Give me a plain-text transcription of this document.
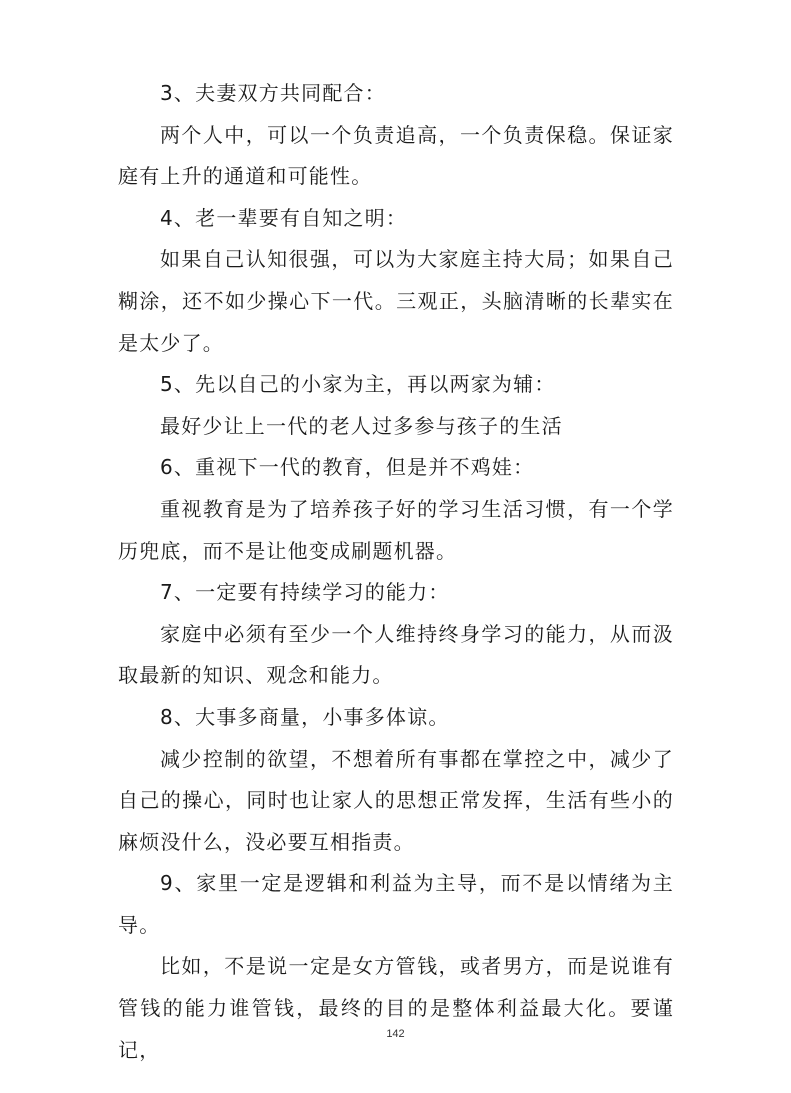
3、夫妻双方共同配合：

两个人中，可以一个负责追高，一个负责保稳。保证家庭有上升的通道和可能性。

4、老一辈要有自知之明：

如果自己认知很强，可以为大家庭主持大局；如果自己糊涂，还不如少操心下一代。三观正，头脑清晰的长辈实在是太少了。

5、先以自己的小家为主，再以两家为辅：

最好少让上一代的老人过多参与孩子的生活

6、重视下一代的教育，但是并不鸡娃：

重视教育是为了培养孩子好的学习生活习惯，有一个学历兜底，而不是让他变成刷题机器。

7、一定要有持续学习的能力：

家庭中必须有至少一个人维持终身学习的能力，从而汲取最新的知识、观念和能力。

8、大事多商量，小事多体谅。

减少控制的欲望，不想着所有事都在掌控之中，减少了自己的操心，同时也让家人的思想正常发挥，生活有些小的麻烦没什么，没必要互相指责。

9、家里一定是逻辑和利益为主导，而不是以情绪为主导。

比如，不是说一定是女方管钱，或者男方，而是说谁有管钱的能力谁管钱，最终的目的是整体利益最大化。要谨记，

142
